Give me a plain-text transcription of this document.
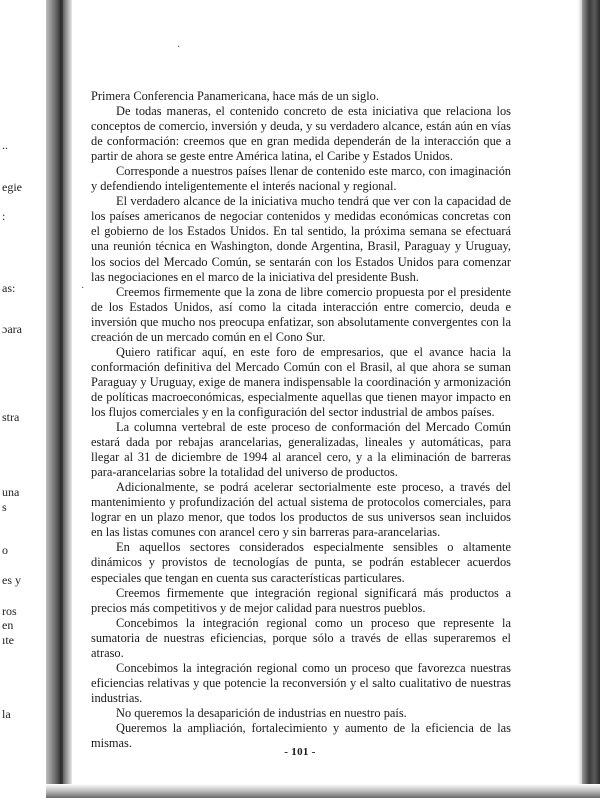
..
egie
:
as:
ɔara
stra
una
s
o
es y
ros
en
ıte
la
·
·

Primera Conferencia Panamericana, hace más de un siglo.

De todas maneras, el contenido concreto de esta iniciativa que relaciona los conceptos de comercio, inversión y deuda, y su verdadero alcance, están aún en vías de conformación: creemos que en gran medida dependerán de la interacción que a partir de ahora se geste entre América latina, el Caribe y Estados Unidos.

Corresponde a nuestros países llenar de contenido este marco, con imaginación y defendiendo inteligentemente el interés nacional y regional.

El verdadero alcance de la iniciativa mucho tendrá que ver con la capacidad de los países americanos de negociar contenidos y medidas económicas concretas con el gobierno de los Estados Unidos. En tal sentido, la próxima semana se efectuará una reunión técnica en Washington, donde Argentina, Brasil, Paraguay y Uruguay, los socios del Mercado Común, se sentarán con los Estados Unidos para comenzar las negociaciones en el marco de la iniciativa del presidente Bush.

Creemos firmemente que la zona de libre comercio propuesta por el presidente de los Estados Unidos, así como la citada interacción entre comercio, deuda e inversión que mucho nos preocupa enfatizar, son absolutamente convergentes con la creación de un mercado común en el Cono Sur.

Quiero ratificar aquí, en este foro de empresarios, que el avance hacia la conformación definitiva del Mercado Común con el Brasil, al que ahora se suman Paraguay y Uruguay, exige de manera indispensable la coordinación y armonización de políticas macroeconómicas, especialmente aquellas que tienen mayor impacto en los flujos comerciales y en la configuración del sector industrial de ambos países.

La columna vertebral de este proceso de conformación del Mercado Común estará dada por rebajas arancelarias, generalizadas, lineales y automáticas, para llegar al 31 de diciembre de 1994 al arancel cero, y a la eliminación de barreras para-arancelarias sobre la totalidad del universo de productos.

Adicionalmente, se podrá acelerar sectorialmente este proceso, a través del mantenimiento y profundización del actual sistema de protocolos comerciales, para lograr en un plazo menor, que todos los productos de sus universos sean incluidos en las listas comunes con arancel cero y sin barreras para-arancelarias.

En aquellos sectores considerados especialmente sensibles o altamente dinámicos y provistos de tecnologías de punta, se podrán establecer acuerdos especiales que tengan en cuenta sus características particulares.

Creemos firmemente que integración regional significará más productos a precios más competitivos y de mejor calidad para nuestros pueblos.

Concebimos la integración regional como un proceso que represente la sumatoria de nuestras eficiencias, porque sólo a través de ellas superaremos el atraso.

Concebimos la integración regional como un proceso que favorezca nuestras eficiencias relativas y que potencie la reconversión y el salto cualitativo de nuestras industrias.

No queremos la desaparición de industrias en nuestro país.

Queremos la ampliación, fortalecimiento y aumento de la eficiencia de las mismas.

- 101 -
